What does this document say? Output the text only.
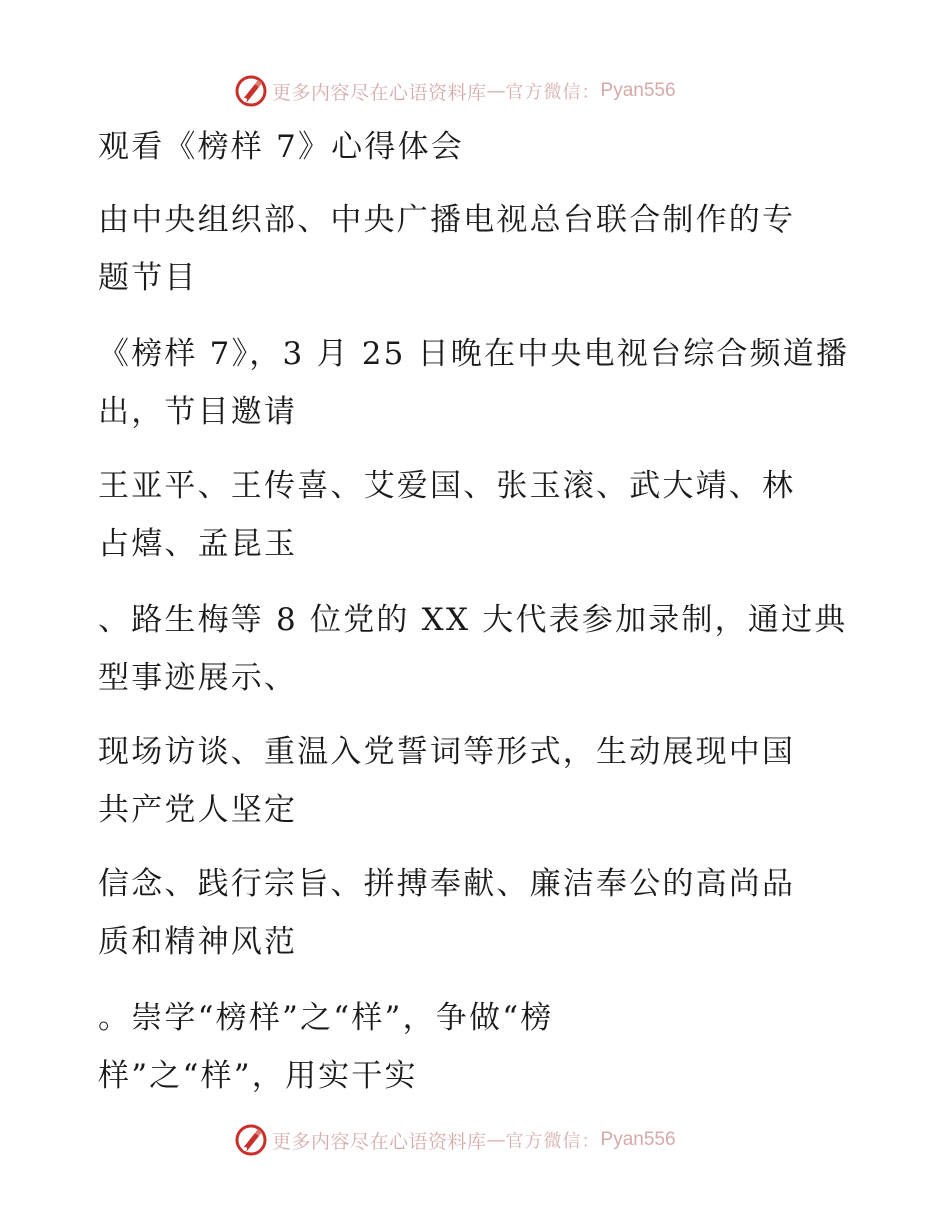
更多内容尽在心语资料库 — 官方微信： Pyan556
观看《榜样 7》心得体会
由中央组织部、中央广播电视总台联合制作的专
题节目
《榜样 7》，3 月 25 日晚在中央电视台综合频道播
出，节目邀请
王亚平、王传喜、艾爱国、张玉滚、武大靖、林
占熺、孟昆玉
、路生梅等 8 位党的 XX 大代表参加录制，通过典
型事迹展示、
现场访谈、重温入党誓词等形式，生动展现中国
共产党人坚定
信念、践行宗旨、拼搏奉献、廉洁奉公的高尚品
质和精神风范
。崇学“榜样”之“样”，争做“榜
样”之“样”，用实干实
更多内容尽在心语资料库 — 官方微信： Pyan556
